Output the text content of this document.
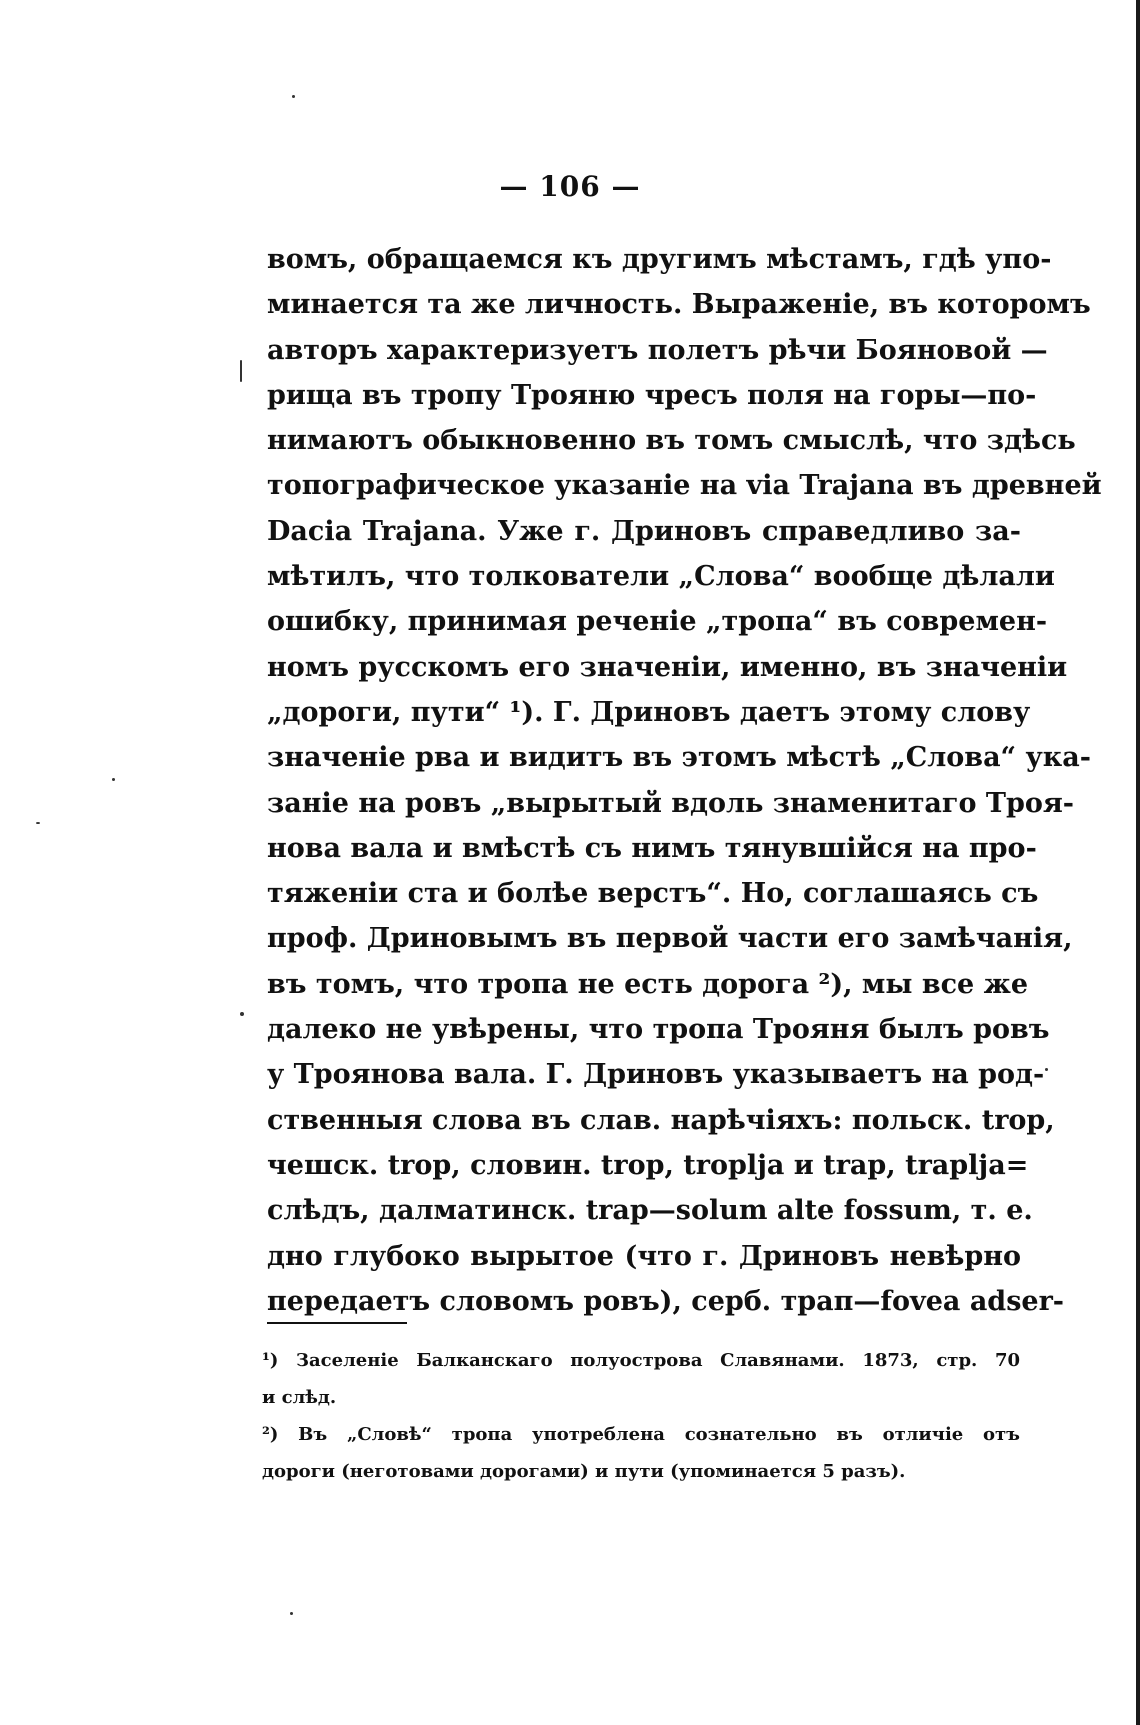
— 106 —
вомъ, обращаемся къ другимъ мѣстамъ, гдѣ упо-
минается та же личность. Выраженіе, въ которомъ
авторъ характеризуетъ полетъ рѣчи Бояновой —
рища въ тропу Трояню чресъ поля на горы—по-
нимаютъ обыкновенно въ томъ смыслѣ, что здѣсь
топографическое указаніе на via Trajana въ древней
Dacia Trajana. Уже г. Дриновъ справедливо за-
мѣтилъ, что толкователи „Слова“ вообще дѣлали
ошибку, принимая реченіе „тропа“ въ современ-
номъ русскомъ его значеніи, именно, въ значеніи
„дороги, пути“ ¹). Г. Дриновъ даетъ этому слову
значеніе рва и видитъ въ этомъ мѣстѣ „Слова“ ука-
заніе на ровъ „вырытый вдоль знаменитаго Троя-
нова вала и вмѣстѣ съ нимъ тянувшійся на про-
тяженіи ста и болѣе верстъ“. Но, соглашаясь съ
проф. Дриновымъ въ первой части его замѣчанія,
въ томъ, что тропа не есть дорога ²), мы все же
далеко не увѣрены, что тропа Трояня былъ ровъ
у Троянова вала. Г. Дриновъ указываетъ на род-
ственныя слова въ слав. нарѣчіяхъ: польск. trop,
чешск. trop, словин. trop, troplja и trap, traplja=
слѣдъ, далматинск. trap—solum alte fossum, т. е.
дно глубоко вырытое (что г. Дриновъ невѣрно
передаетъ словомъ ровъ), серб. трап—fovea adser-
¹) Заселеніе Балканскаго полуострова Славянами. 1873, стр. 70
и слѣд.
²) Въ „Словѣ“ тропа употреблена сознательно въ отличіе отъ
дороги (неготовами дорогами) и пути (упоминается 5 разъ).
